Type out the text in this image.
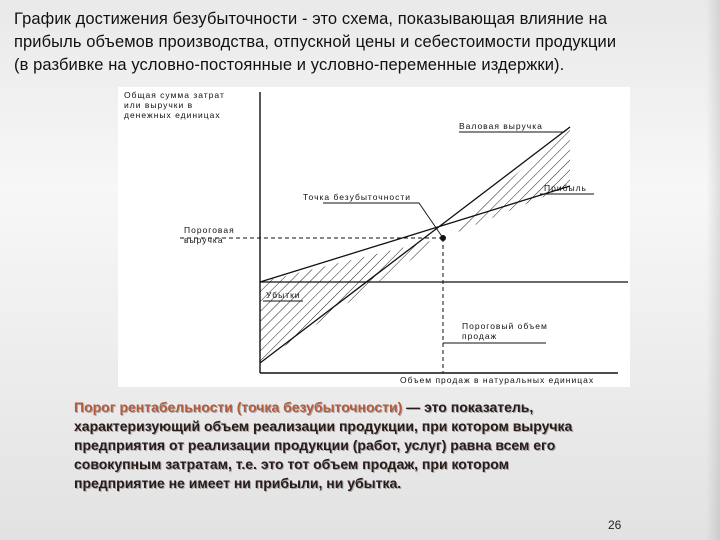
График достижения безубыточности - это схема, показывающая влияние на
прибыль объемов производства, отпускной цены и себестоимости продукции
(в разбивке на условно-постоянные и условно-переменные издержки).
Общая сумма затрат
или выручки в
денежных единицах
Валовая выручка
Прибыль
Точка безубыточности
Пороговая
выручка
Убытки
Пороговый объем
продаж
Объем продаж в натуральных единицах
Порог рентабельности (точка безубыточности) — это показатель,
характеризующий объем реализации продукции, при котором выручка
предприятия от реализации продукции (работ, услуг) равна всем его
совокупным затратам, т.е. это тот объем продаж, при котором
предприятие не имеет ни прибыли, ни убытка.
26
